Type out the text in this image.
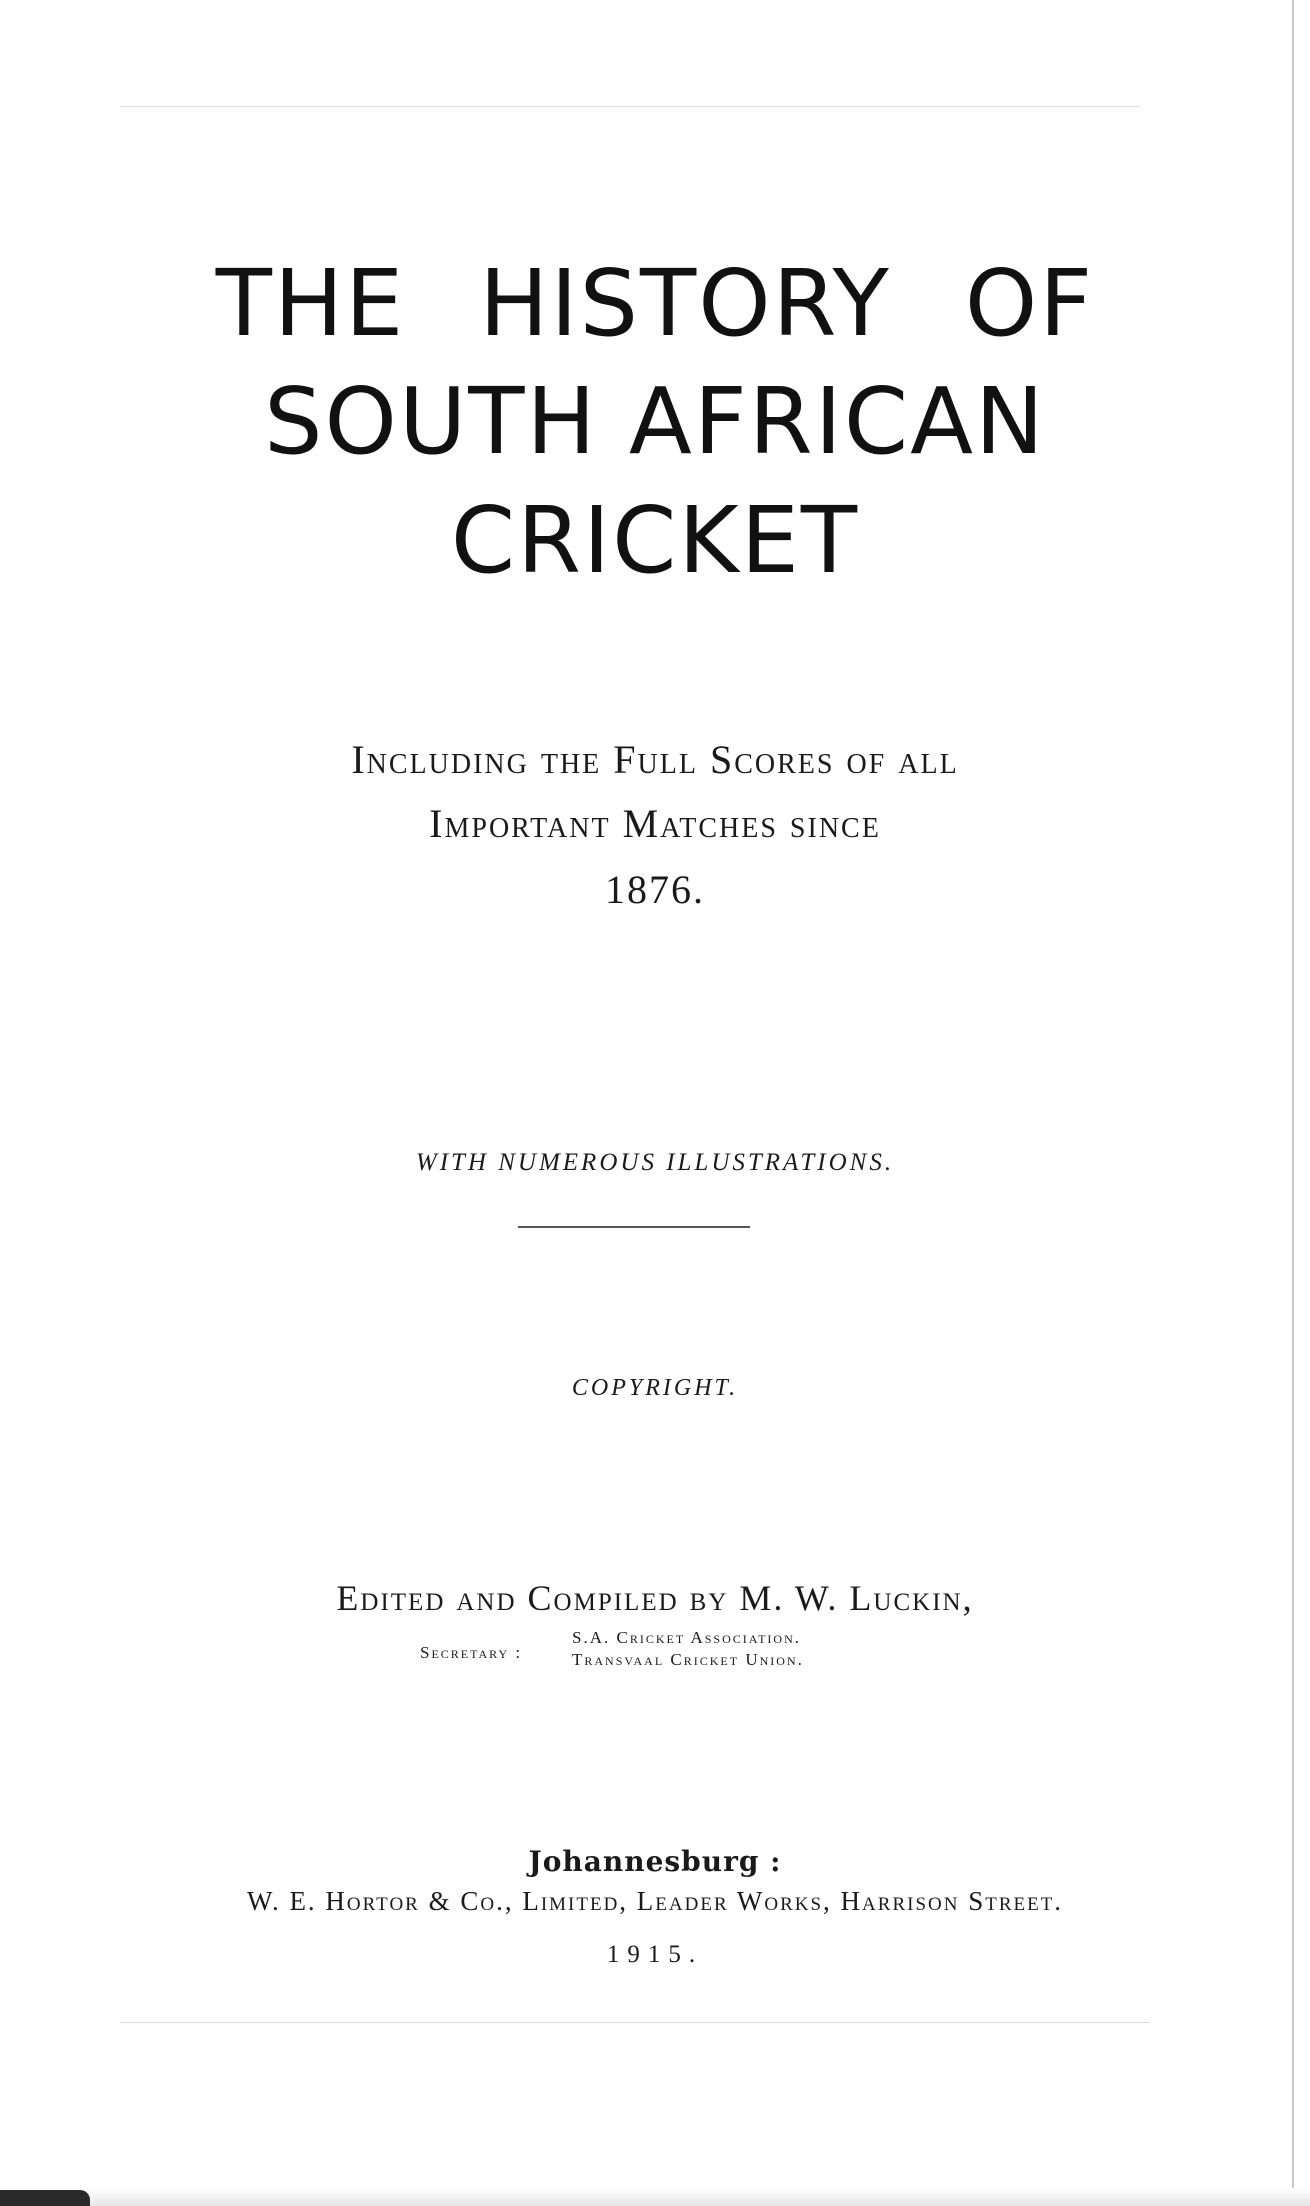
THE HISTORY OF
SOUTH AFRICAN
CRICKET
Including the Full Scores of all
Important Matches since
1876.
WITH NUMEROUS ILLUSTRATIONS.
COPYRIGHT.
Edited and Compiled by M. W. Luckin,
Secretary :
S.A. Cricket Association.
Transvaal Cricket Union.
Johannesburg :
W. E. Hortor & Co., Limited, Leader Works, Harrison Street.
1915.
